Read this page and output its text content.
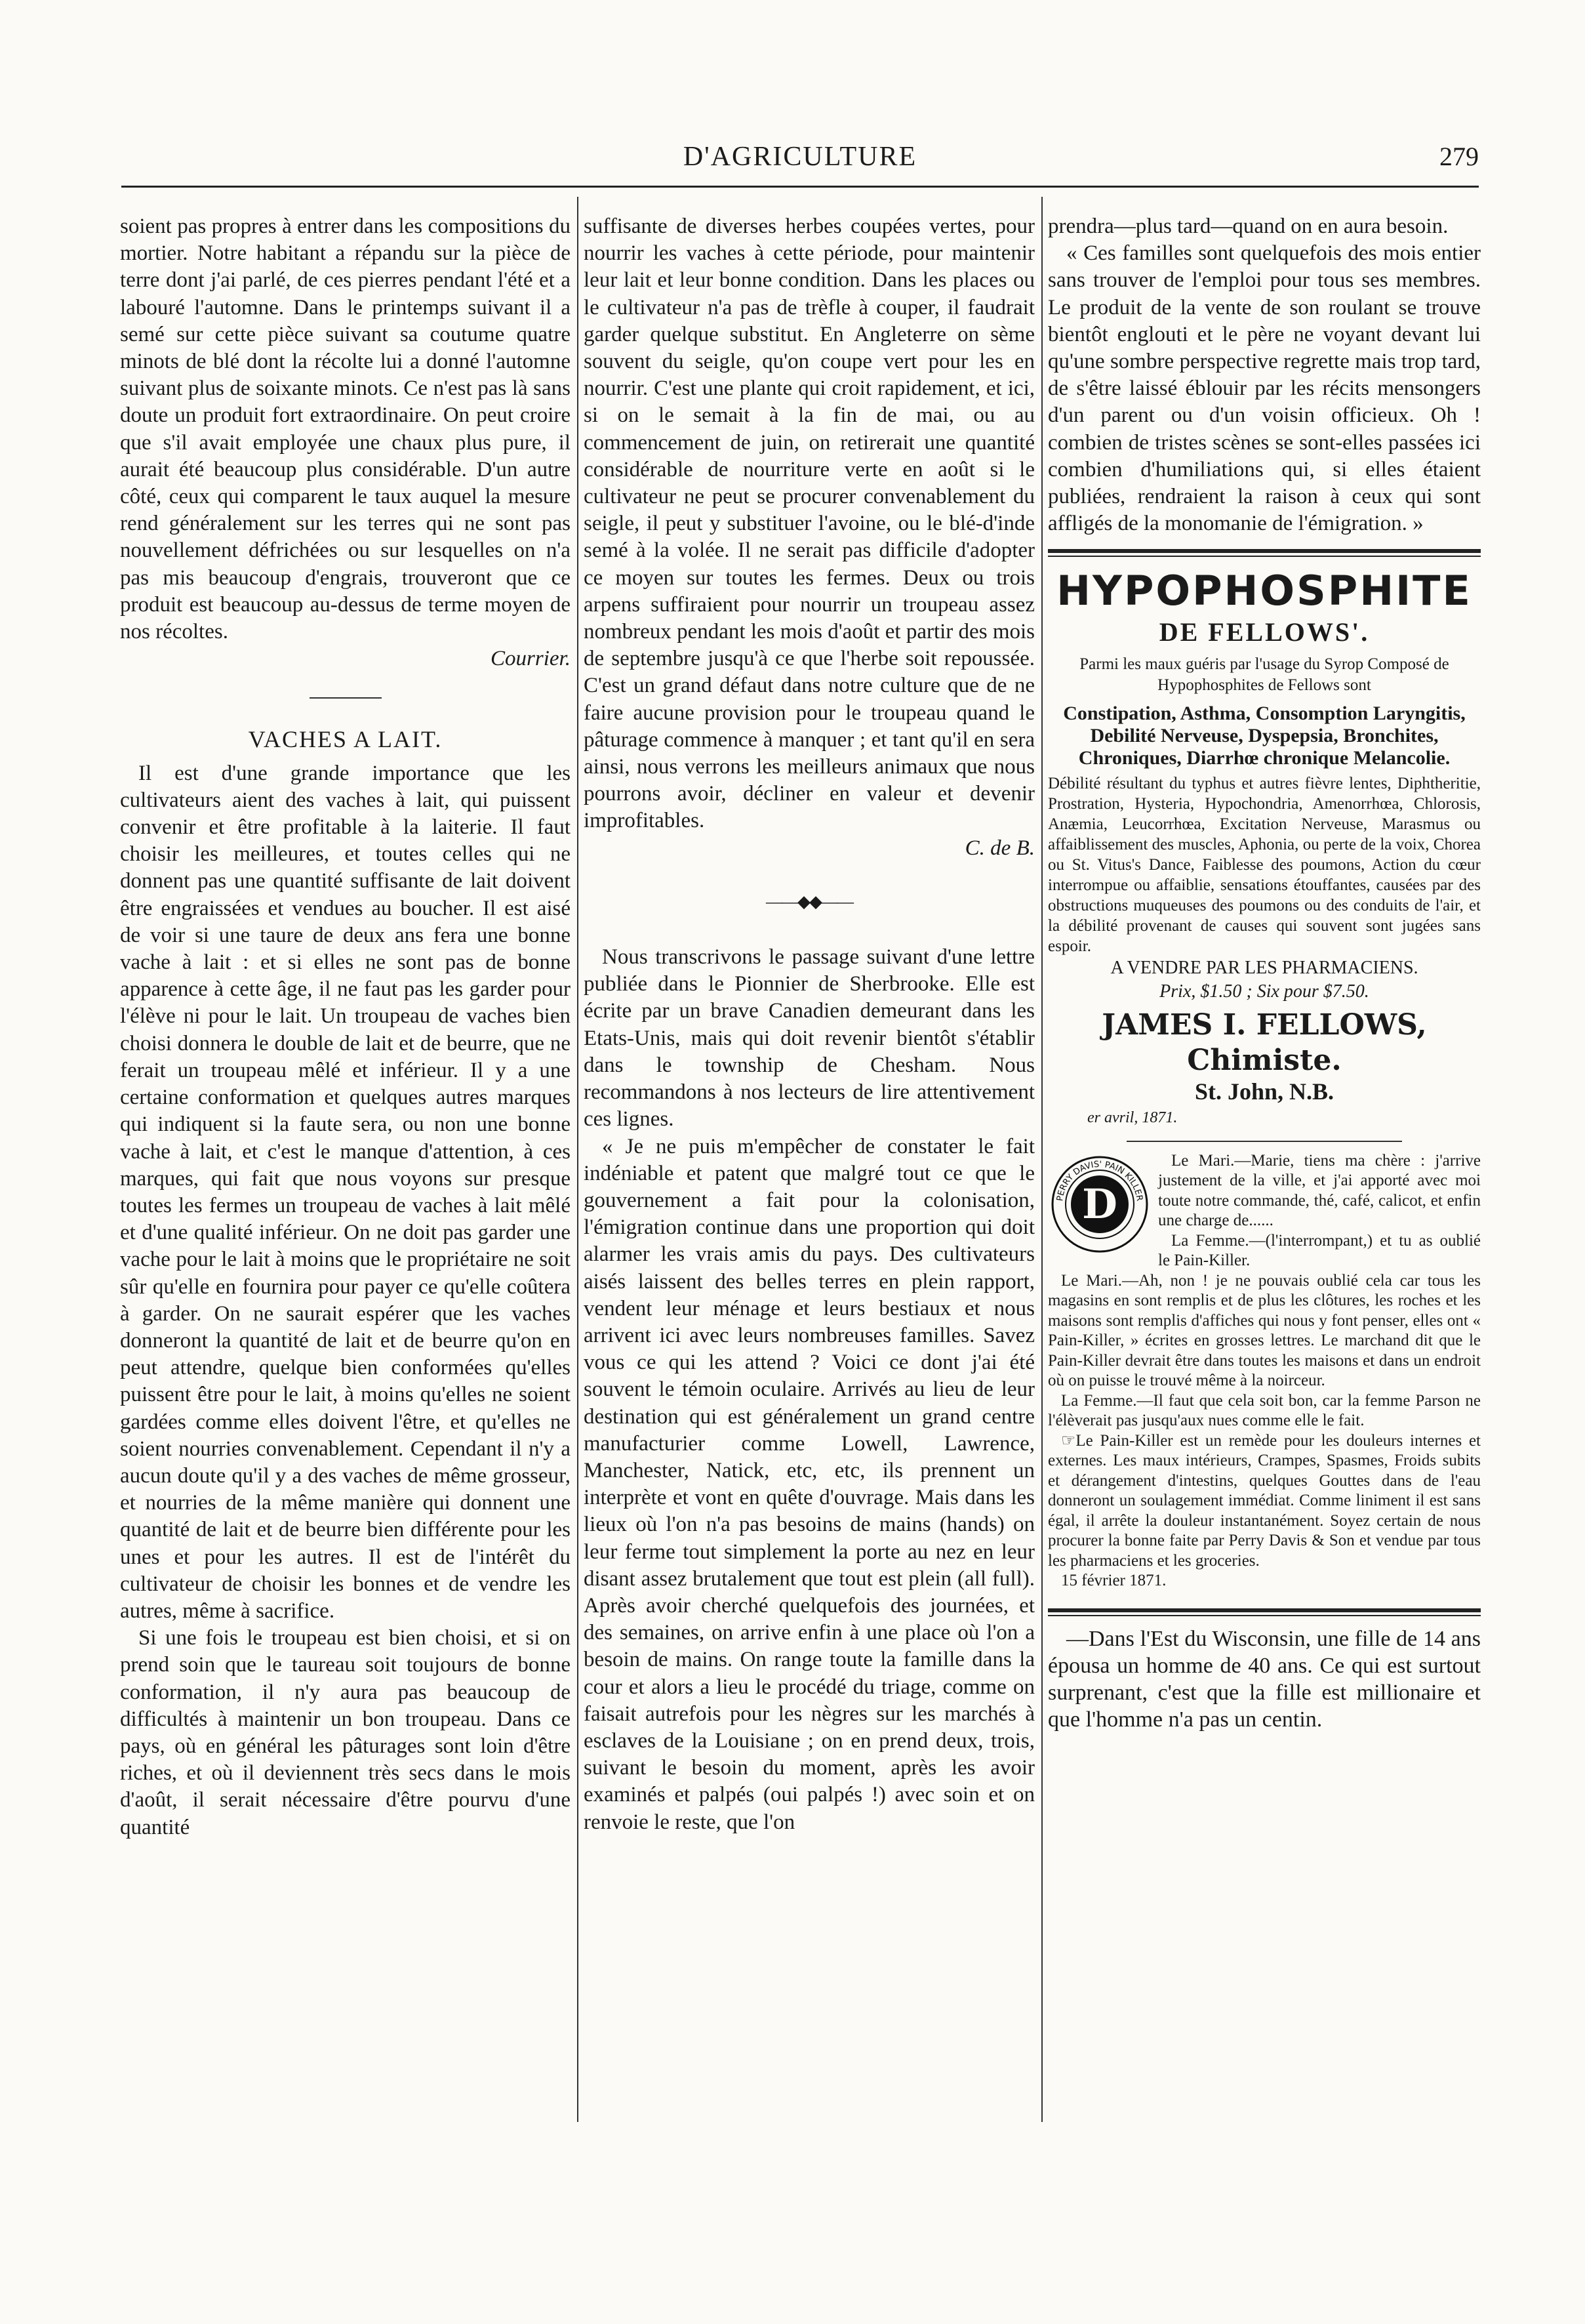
D'AGRICULTURE	279

soient pas propres à entrer dans les compositions du mortier. Notre habitant a répandu sur la pièce de terre dont j'ai parlé, de ces pierres pendant l'été et a labouré l'automne. Dans le printemps suivant il a semé sur cette pièce suivant sa coutume quatre minots de blé dont la récolte lui a donné l'automne suivant plus de soixante minots. Ce n'est pas là sans doute un produit fort extraordinaire. On peut croire que s'il avait employée une chaux plus pure, il aurait été beaucoup plus considérable. D'un autre côté, ceux qui comparent le taux auquel la mesure rend généralement sur les terres qui ne sont pas nouvellement défrichées ou sur lesquelles on n'a pas mis beaucoup d'engrais, trouveront que ce produit est beaucoup au-dessus de terme moyen de nos récoltes.

Courrier.
VACHES A LAIT.

Il est d'une grande importance que les cultivateurs aient des vaches à lait, qui puissent convenir et être profitable à la laiterie. Il faut choisir les meilleures, et toutes celles qui ne donnent pas une quantité suffisante de lait doivent être engraissées et vendues au boucher. Il est aisé de voir si une taure de deux ans fera une bonne vache à lait : et si elles ne sont pas de bonne apparence à cette âge, il ne faut pas les garder pour l'élève ni pour le lait. Un troupeau de vaches bien choisi donnera le double de lait et de beurre, que ne ferait un troupeau mêlé et inférieur. Il y a une certaine conformation et quelques autres marques qui indiquent si la faute sera, ou non une bonne vache à lait, et c'est le manque d'attention, à ces marques, qui fait que nous voyons sur presque toutes les fermes un troupeau de vaches à lait mêlé et d'une qualité inférieur. On ne doit pas garder une vache pour le lait à moins que le propriétaire ne soit sûr qu'elle en fournira pour payer ce qu'elle coûtera à garder. On ne saurait espérer que les vaches donneront la quantité de lait et de beurre qu'on en peut attendre, quelque bien conformées qu'elles puissent être pour le lait, à moins qu'elles ne soient gardées comme elles doivent l'être, et qu'elles ne soient nourries convenablement. Cependant il n'y a aucun doute qu'il y a des vaches de même grosseur, et nourries de la même manière qui donnent une quantité de lait et de beurre bien différente pour les unes et pour les autres. Il est de l'intérêt du cultivateur de choisir les bonnes et de vendre les autres, même à sacrifice.

Si une fois le troupeau est bien choisi, et si on prend soin que le taureau soit toujours de bonne conformation, il n'y aura pas beaucoup de difficultés à maintenir un bon troupeau. Dans ce pays, où en général les pâturages sont loin d'être riches, et où il deviennent très secs dans le mois d'août, il serait nécessaire d'être pourvu d'une quantité

suffisante de diverses herbes coupées vertes, pour nourrir les vaches à cette période, pour maintenir leur lait et leur bonne condition. Dans les places ou le cultivateur n'a pas de trèfle à couper, il faudrait garder quelque substitut. En Angleterre on sème souvent du seigle, qu'on coupe vert pour les en nourrir. C'est une plante qui croit rapidement, et ici, si on le semait à la fin de mai, ou au commencement de juin, on retirerait une quantité considérable de nourriture verte en août si le cultivateur ne peut se procurer convenablement du seigle, il peut y substituer l'avoine, ou le blé-d'inde semé à la volée. Il ne serait pas difficile d'adopter ce moyen sur toutes les fermes. Deux ou trois arpens suffiraient pour nourrir un troupeau assez nombreux pendant les mois d'août et partir des mois de septembre jusqu'à ce que l'herbe soit repoussée. C'est un grand défaut dans notre culture que de ne faire aucune provision pour le troupeau quand le pâturage commence à manquer ; et tant qu'il en sera ainsi, nous verrons les meilleurs animaux que nous pourrons avoir, décliner en valeur et devenir improfitables.

C. de B.
——◆◆——

Nous transcrivons le passage suivant d'une lettre publiée dans le Pionnier de Sherbrooke. Elle est écrite par un brave Canadien demeurant dans les Etats-Unis, mais qui doit revenir bientôt s'établir dans le township de Chesham. Nous recommandons à nos lecteurs de lire attentivement ces lignes.

« Je ne puis m'empêcher de constater le fait indéniable et patent que malgré tout ce que le gouvernement a fait pour la colonisation, l'émigration continue dans une proportion qui doit alarmer les vrais amis du pays. Des cultivateurs aisés laissent des belles terres en plein rapport, vendent leur ménage et leurs bestiaux et nous arrivent ici avec leurs nombreuses familles. Savez vous ce qui les attend ? Voici ce dont j'ai été souvent le témoin oculaire. Arrivés au lieu de leur destination qui est généralement un grand centre manufacturier comme Lowell, Lawrence, Manchester, Natick, etc, etc, ils prennent un interprète et vont en quête d'ouvrage. Mais dans les lieux où l'on n'a pas besoins de mains (hands) on leur ferme tout simplement la porte au nez en leur disant assez brutalement que tout est plein (all full). Après avoir cherché quelquefois des journées, et des semaines, on arrive enfin à une place où l'on a besoin de mains. On range toute la famille dans la cour et alors a lieu le procédé du triage, comme on faisait autrefois pour les nègres sur les marchés à esclaves de la Louisiane ; on en prend deux, trois, suivant le besoin du moment, après les avoir examinés et palpés (oui palpés !) avec soin et on renvoie le reste, que l'on

prendra—plus tard—quand on en aura besoin.

« Ces familles sont quelquefois des mois entier sans trouver de l'emploi pour tous ses membres. Le produit de la vente de son roulant se trouve bientôt englouti et le père ne voyant devant lui qu'une sombre perspective regrette mais trop tard, de s'être laissé éblouir par les récits mensongers d'un parent ou d'un voisin officieux. Oh ! combien de tristes scènes se sont-elles passées ici combien d'humiliations qui, si elles étaient publiées, rendraient la raison à ceux qui sont affligés de la monomanie de l'émigration. »

HYPOPHOSPHITE
DE FELLOWS'.
Parmi les maux guéris par l'usage du Syrop Composé de Hypophosphites de Fellows sont
Constipation, Asthma, Consomption Laryngitis, Debilité Nerveuse, Dyspepsia, Bronchites, Chroniques, Diarrhœ chronique Melancolie.
Débilité résultant du typhus et autres fièvre lentes, Diphtheritie, Prostration, Hysteria, Hypochondria, Amenorrhœa, Chlorosis, Anæmia, Leucorrhœa, Excitation Nerveuse, Marasmus ou affaiblissement des muscles, Aphonia, ou perte de la voix, Chorea ou St. Vitus's Dance, Faiblesse des poumons, Action du cœur interrompue ou affaiblie, sensations étouffantes, causées par des obstructions muqueuses des poumons ou des conduits de l'air, et la débilité provenant de causes qui souvent sont jugées sans espoir.
A VENDRE PAR LES PHARMACIENS.
Prix, $1.50 ; Six pour $7.50.
JAMES I. FELLOWS, Chimiste.
St. John, N.B.
er avril, 1871.
D
PERRY DAVIS' PAIN KILLER

Le Mari.—Marie, tiens ma chère : j'arrive justement de la ville, et j'ai apporté avec moi toute notre commande, thé, café, calicot, et enfin une charge de......

La Femme.—(l'interrompant,) et tu as oublié le Pain-Killer.

Le Mari.—Ah, non ! je ne pouvais oublié cela car tous les magasins en sont remplis et de plus les clôtures, les roches et les maisons sont remplis d'affiches qui nous y font penser, elles ont « Pain-Killer, » écrites en grosses lettres. Le marchand dit que le Pain-Killer devrait être dans toutes les maisons et dans un endroit où on puisse le trouvé même à la noirceur.

La Femme.—Il faut que cela soit bon, car la femme Parson ne l'élèverait pas jusqu'aux nues comme elle le fait.

☞Le Pain-Killer est un remède pour les douleurs internes et externes. Les maux intérieurs, Crampes, Spasmes, Froids subits et dérangement d'intestins, quelques Gouttes dans de l'eau donneront un soulagement immédiat. Comme liniment il est sans égal, il arrête la douleur instantanément. Soyez certain de nous procurer la bonne faite par Perry Davis & Son et vendue par tous les pharmaciens et les groceries.

15 février 1871.

—Dans l'Est du Wisconsin, une fille de 14 ans épousa un homme de 40 ans. Ce qui est surtout surprenant, c'est que la fille est millionaire et que l'homme n'a pas un centin.
